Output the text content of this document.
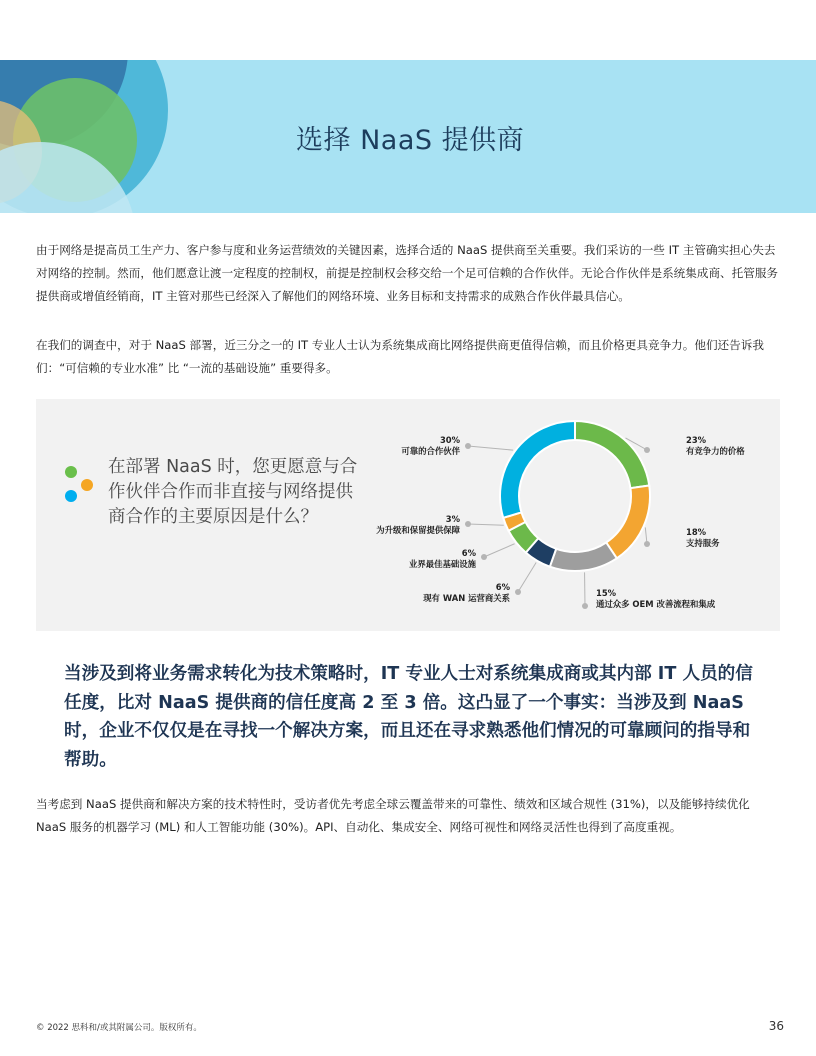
选择 NaaS 提供商

由于网络是提高员工生产力、客户参与度和业务运营绩效的关键因素，选择合适的 NaaS 提供商至关重要。我们采访的一些 IT 主管确实担心失去对网络的控制。然而，他们愿意让渡一定程度的控制权，前提是控制权会移交给一个足可信赖的合作伙伴。无论合作伙伴是系统集成商、托管服务提供商或增值经销商，IT 主管对那些已经深入了解他们的网络环境、业务目标和支持需求的成熟合作伙伴最具信心。

在我们的调查中，对于 NaaS 部署，近三分之一的 IT 专业人士认为系统集成商比网络提供商更值得信赖，而且价格更具竞争力。他们还告诉我们：“可信赖的专业水准” 比 “一流的基础设施” 重要得多。

在部署 NaaS 时，您更愿意与合作伙伴合作而非直接与网络提供商合作的主要原因是什么？

23%
有竞争力的价格
18%
支持服务
15%
通过众多 OEM 改善流程和集成
6%
现有 WAN 运营商关系
6%
业界最佳基础设施
3%
为升级和保留提供保障
30%
可靠的合作伙伴

当涉及到将业务需求转化为技术策略时，IT 专业人士对系统集成商或其内部 IT 人员的信任度，比对 NaaS 提供商的信任度高 2 至 3 倍。这凸显了一个事实：当涉及到 NaaS 时，企业不仅仅是在寻找一个解决方案，而且还在寻求熟悉他们情况的可靠顾问的指导和帮助。

当考虑到 NaaS 提供商和解决方案的技术特性时，受访者优先考虑全球云覆盖带来的可靠性、绩效和区域合规性 (31%)，以及能够持续优化 NaaS 服务的机器学习 (ML) 和人工智能功能 (30%)。API、自动化、集成安全、网络可视性和网络灵活性也得到了高度重视。

© 2022 思科和/或其附属公司。版权所有。	36
